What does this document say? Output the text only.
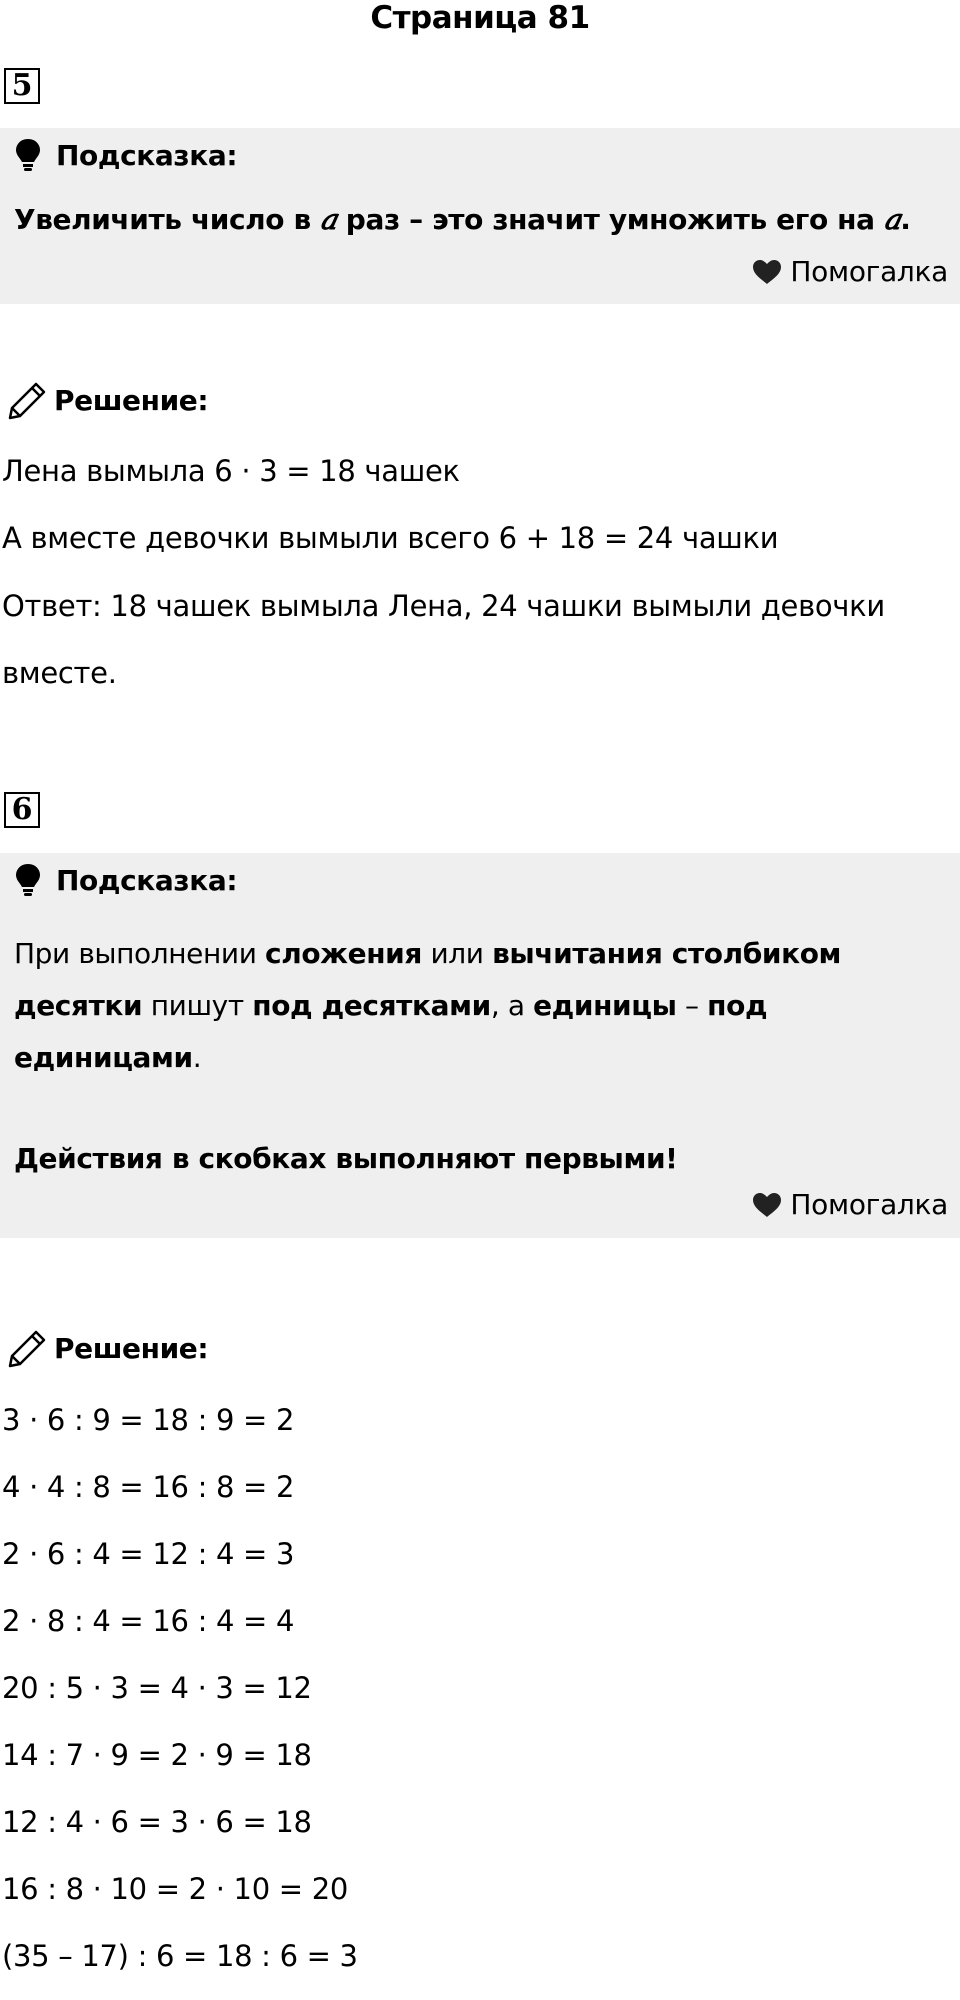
Страница 81
5
Подсказка:
Увеличить число в 𝑎 раз – это значит умножить его на 𝑎.
Помогалка
Решение:
Лена вымыла 6 · 3 = 18 чашек
А вместе девочки вымыли всего 6 + 18 = 24 чашки
Ответ: 18 чашек вымыла Лена, 24 чашки вымыли девочки
вместе.
6
Подсказка:
При выполнении сложения или вычитания столбиком
десятки пишут под десятками, а единицы – под
единицами.
Действия в скобках выполняют первыми!
Помогалка
Решение:
3 · 6 : 9 = 18 : 9 = 2
4 · 4 : 8 = 16 : 8 = 2
2 · 6 : 4 = 12 : 4 = 3
2 · 8 : 4 = 16 : 4 = 4
20 : 5 · 3 = 4 · 3 = 12
14 : 7 · 9 = 2 · 9 = 18
12 : 4 · 6 = 3 · 6 = 18
16 : 8 · 10 = 2 · 10 = 20
(35 – 17) : 6 = 18 : 6 = 3
